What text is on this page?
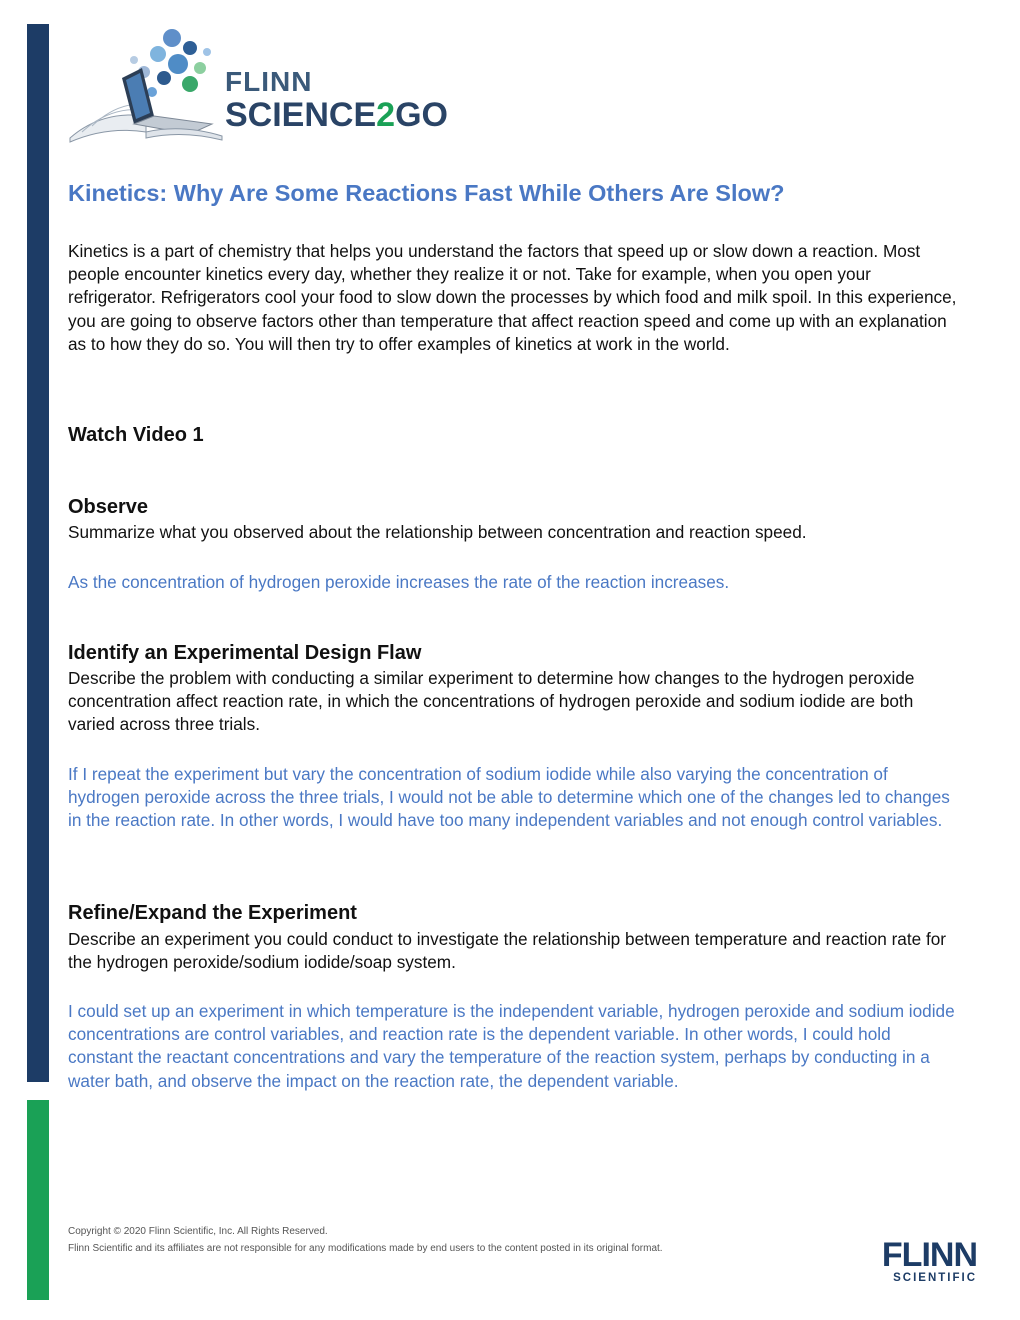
FLINN
SCIENCE2GO
Kinetics: Why Are Some Reactions Fast While Others Are Slow?

Kinetics is a part of chemistry that helps you understand the factors that speed up or slow down a reaction. Most people encounter kinetics every day, whether they realize it or not. Take for example, when you open your refrigerator. Refrigerators cool your food to slow down the processes by which food and milk spoil. In this experience, you are going to observe factors other than temperature that affect reaction speed and come up with an explanation as to how they do so. You will then try to offer examples of kinetics at work in the world.

Watch Video 1
Observe

Summarize what you observed about the relationship between concentration and reaction speed.

As the concentration of hydrogen peroxide increases the rate of the reaction increases.

Identify an Experimental Design Flaw

Describe the problem with conducting a similar experiment to determine how changes to the hydrogen peroxide concentration affect reaction rate, in which the concentrations of hydrogen peroxide and sodium iodide are both varied across three trials.

If I repeat the experiment but vary the concentration of sodium iodide while also varying the concentration of hydrogen peroxide across the three trials, I would not be able to determine which one of the changes led to changes in the reaction rate. In other words, I would have too many independent variables and not enough control variables.

Refine/Expand the Experiment

Describe an experiment you could conduct to investigate the relationship between temperature and reaction rate for the hydrogen peroxide/sodium iodide/soap system.

I could set up an experiment in which temperature is the independent variable, hydrogen peroxide and sodium iodide concentrations are control variables, and reaction rate is the dependent variable. In other words, I could hold constant the reactant concentrations and vary the temperature of the reaction system, perhaps by conducting in a water bath, and observe the impact on the reaction rate, the dependent variable.

Copyright © 2020 Flinn Scientific, Inc. All Rights Reserved.
Flinn Scientific and its affiliates are not responsible for any modifications made by end users to the content posted in its original format.	FLINN
SCIENTIFIC
